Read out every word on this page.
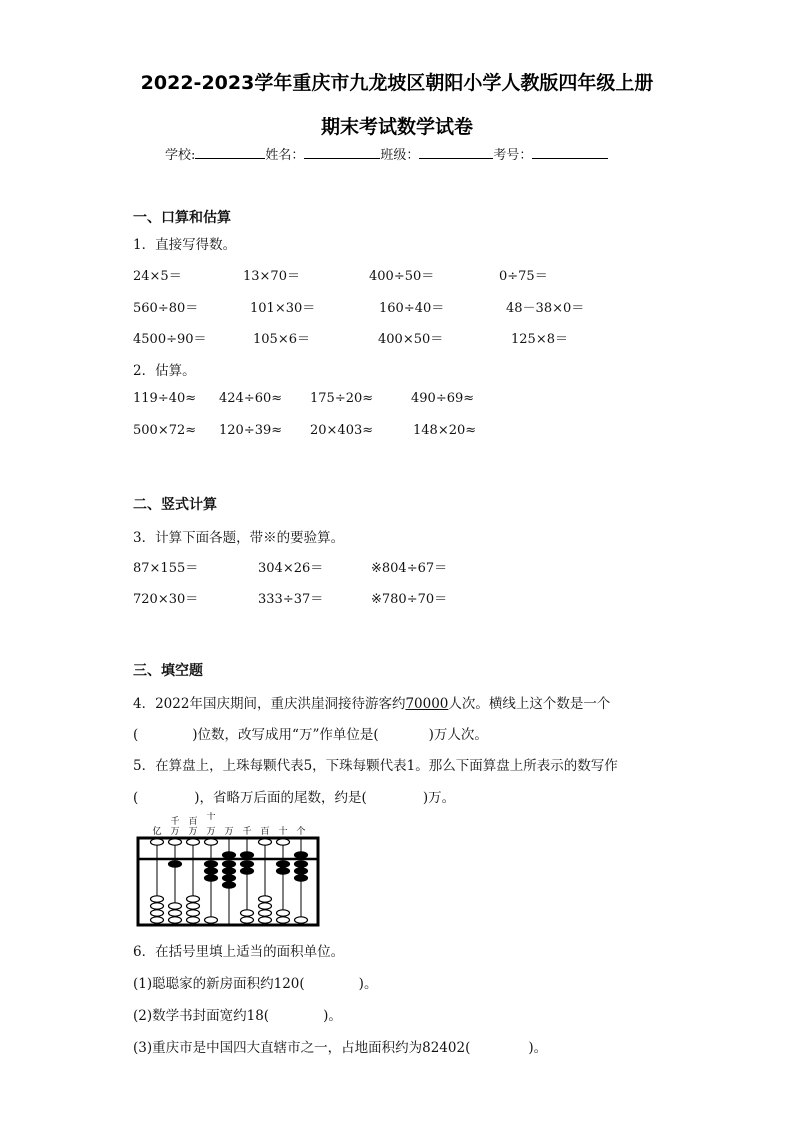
2022-2023学年重庆市九龙坡区朝阳小学人教版四年级上册
期末考试数学试卷
学校:	姓名：	班级：	考号：
一、口算和估算
1．直接写得数。
24×5＝	13×70＝	400÷50＝	0÷75＝
560÷80＝	101×30＝	160÷40＝	48－38×0＝
4500÷90＝	105×6＝	400×50＝	125×8＝
2．估算。
119÷40≈ 424÷60≈ 175÷20≈	490÷69≈
500×72≈ 120÷39≈ 20×403≈	148×20≈
二、竖式计算
3．计算下面各题，带※的要验算。
87×155＝	304×26＝	※804÷67＝
720×30＝	333÷37＝	※780÷70＝
三、填空题
4．2022年国庆期间，重庆洪崖洞接待游客约70000人次。横线上这个数是一个
(	)位数，改写成用“万”作单位是(	)万人次。
5．在算盘上，上珠每颗代表5，下珠每颗代表1。那么下面算盘上所表示的数写作
(	)，省略万后面的尾数，约是(	)万。
亿 万 万 万 万 千 百 十 个
千 百 十
6．在括号里填上适当的面积单位。
(1)聪聪家的新房面积约120(	)。
(2)数学书封面宽约18(	)。
(3)重庆市是中国四大直辖市之一，占地面积约为82402(	)。
